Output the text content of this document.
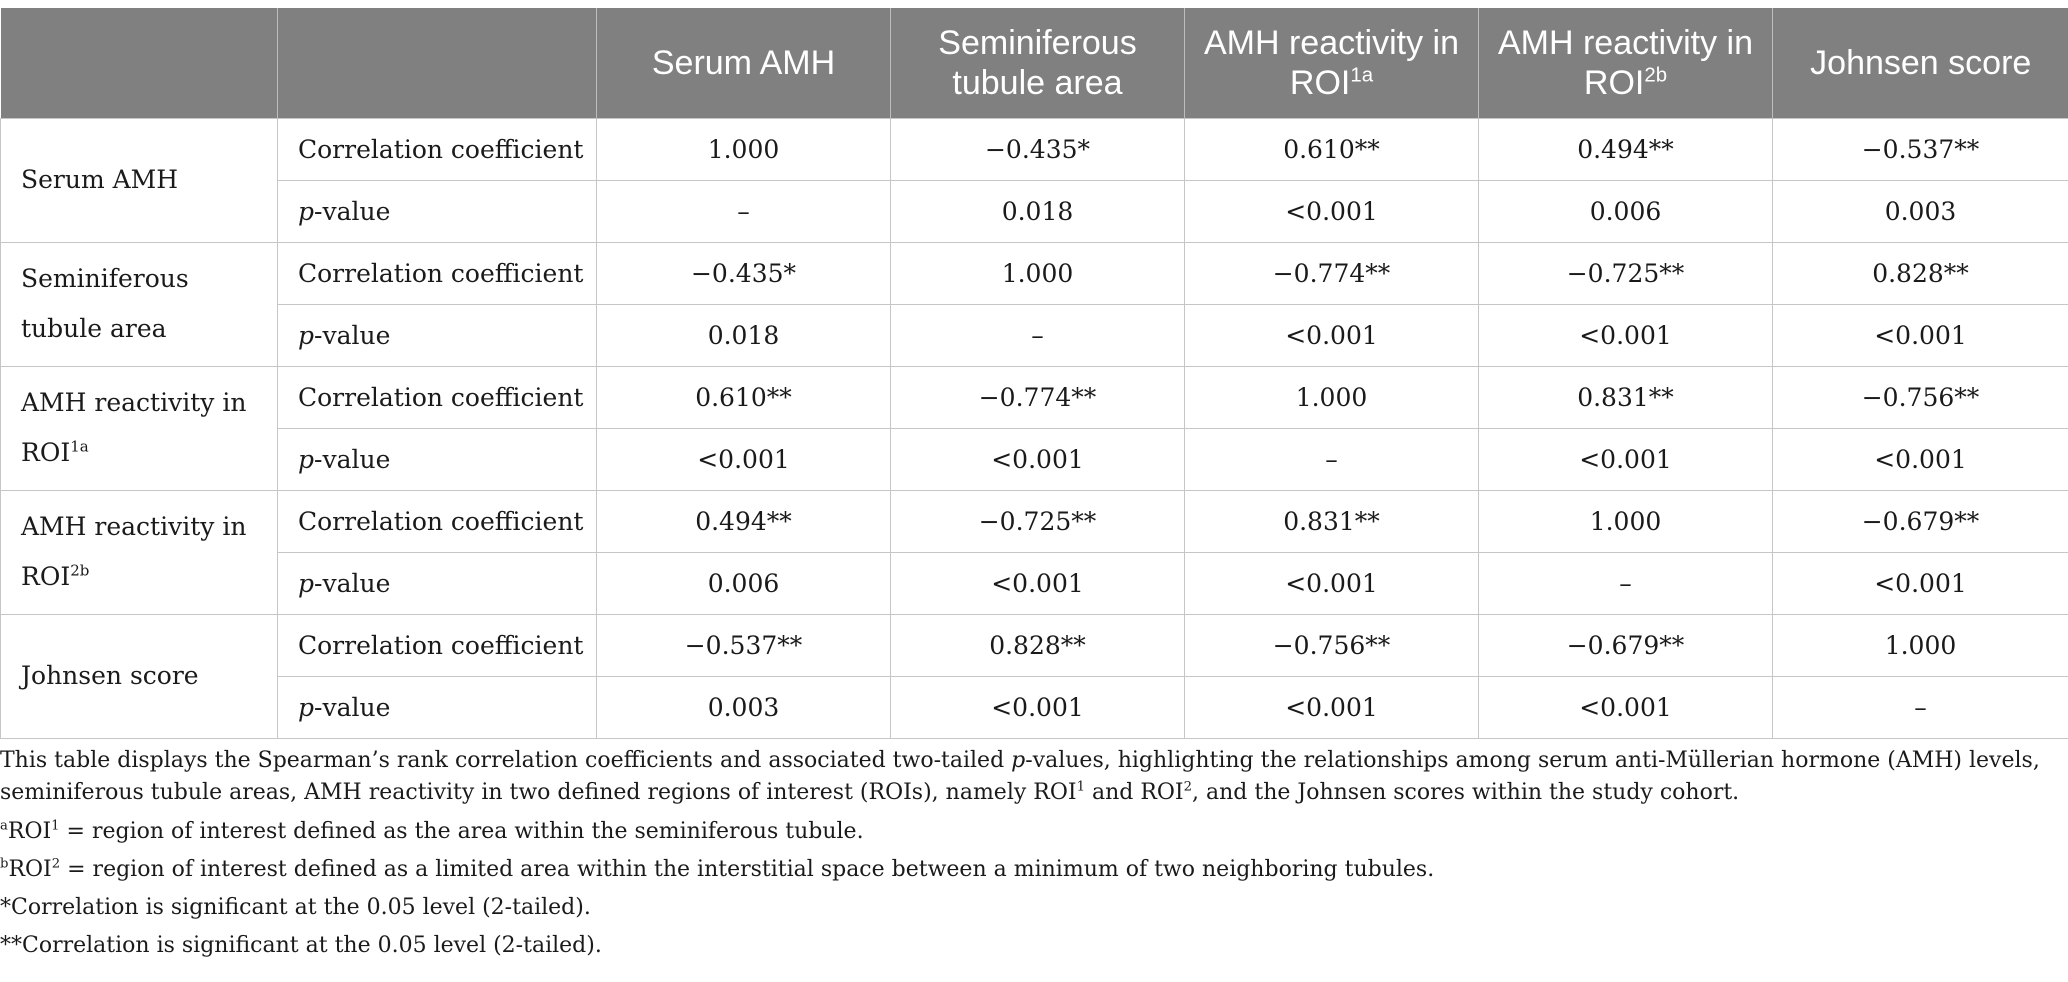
		Serum AMH	Seminiferous tubule area	AMH reactivity in $ROI^{1a}$	AMH reactivity in $ROI^{2b}$	Johnsen score
Serum AMH	Correlation coefficient	1.000	−0.435*	0.610**	0.494**	−0.537**
	p-value	–	0.018	<0.001	0.006	0.003
Seminiferous tubule area	Correlation coefficient	−0.435*	1.000	−0.774**	−0.725**	0.828**
	p-value	0.018	–	<0.001	<0.001	<0.001
AMH reactivity in $ROI^{1a}$	Correlation coefficient	0.610**	−0.774**	1.000	0.831**	−0.756**
	p-value	<0.001	<0.001	–	<0.001	<0.001
AMH reactivity in $ROI^{2b}$	Correlation coefficient	0.494**	−0.725**	0.831**	1.000	−0.679**
	p-value	0.006	<0.001	<0.001	–	<0.001
Johnsen score	Correlation coefficient	−0.537**	0.828**	−0.756**	−0.679**	1.000
	p-value	0.003	<0.001	<0.001	<0.001	–

This table displays the Spearman’s rank correlation coefficients and associated two-tailed p-values, highlighting the relationships among serum anti-Müllerian hormone (AMH) levels, seminiferous tubule areas, AMH reactivity in two defined regions of interest (ROIs), namely ROI$^1$ and ROI$^2$, and the Johnsen scores within the study cohort.

$^aROI^1$ = region of interest defined as the area within the seminiferous tubule.

$^bROI^2$ = region of interest defined as a limited area within the interstitial space between a minimum of two neighboring tubules.

*Correlation is significant at the 0.05 level (2-tailed).

**Correlation is significant at the 0.05 level (2-tailed).
